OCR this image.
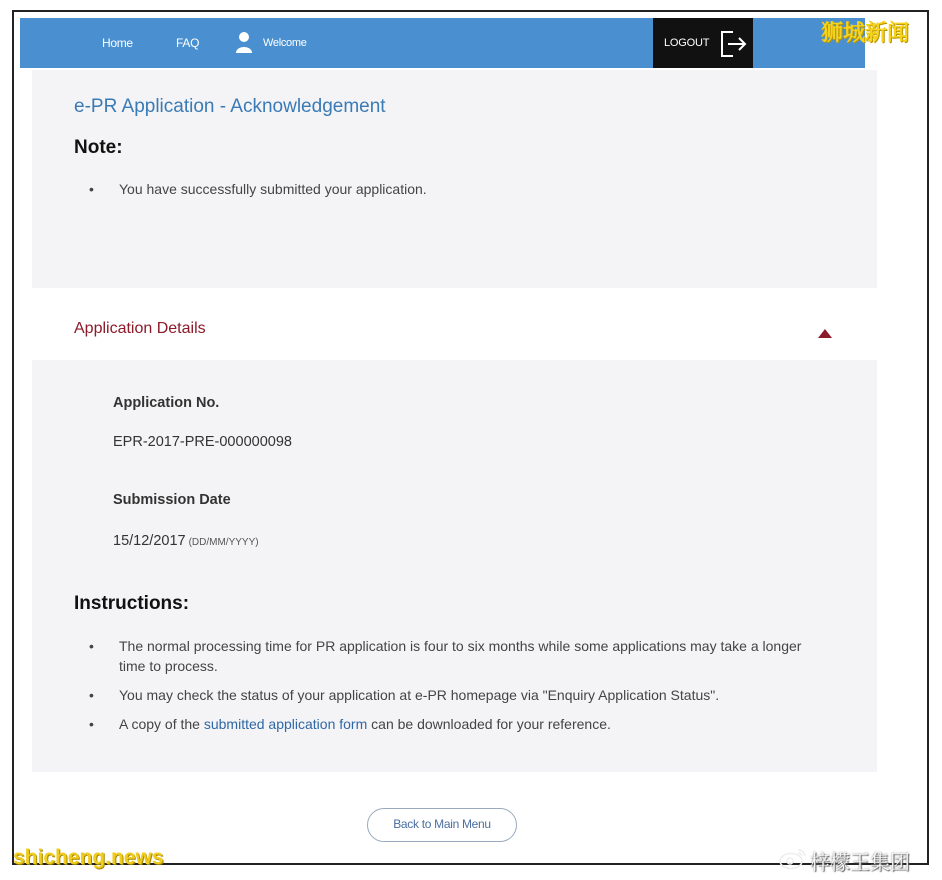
Home	FAQ	Welcome	LOGOUT
e-PR Application - Acknowledgement
Note:
• You have successfully submitted your application.
Application Details
Application No.
EPR-2017-PRE-000000098
Submission Date
15/12/2017 (DD/MM/YYYY)
Instructions:
• The normal processing time for PR application is four to six months while some applications may take a longer time to process.
• You may check the status of your application at e-PR homepage via "Enquiry Application Status".
• A copy of the submitted application form can be downloaded for your reference.
Back to Main Menu
狮城新闻
shicheng.news	梓檬王集团
